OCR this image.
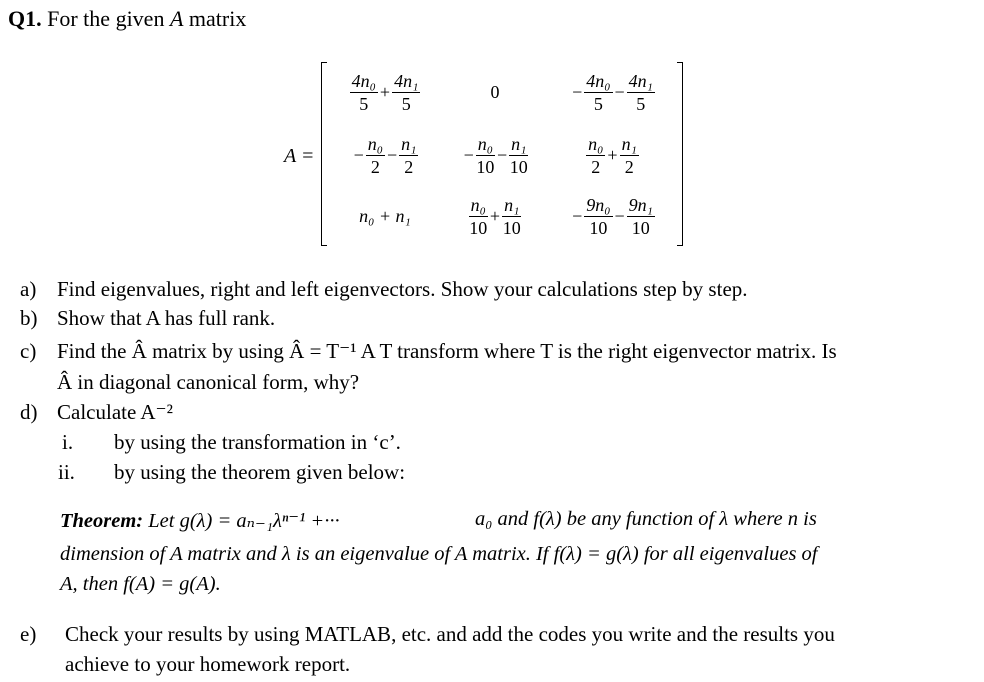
Q1. For the given A matrix
A =
$\frac{\text{4n₀}}{5} + \frac{\text{4n₁}}{5}$	0	− $\frac{\text{4n₀}}{5} - \frac{\text{4n₁}}{5}$
− $\frac{\text{n₀}}{2} - \frac{\text{n₁}}{2}$	− $\frac{\text{n₀}}{10} - \frac{\text{n₁}}{10}$	$\frac{\text{n₀}}{2} + \frac{\text{n₁}}{2}$
n₀ + n₁	$\frac{\text{n₀}}{10} + \frac{\text{n₁}}{10}$	− $\frac{\text{9n₀}}{10} - \frac{\text{9n₁}}{10}$
a) Find eigenvalues, right and left eigenvectors. Show your calculations step by step.
b) Show that A has full rank.
c) Find the Â matrix by using Â = T⁻¹ A T transform where T is the right eigenvector matrix. Is
Â in diagonal canonical form, why?
d) Calculate A⁻²
i. by using the transformation in ‘c’.
ii. by using the theorem given below:
Theorem: Let g(λ) = aₙ₋₁λⁿ⁻¹ +···	a₀ and f(λ) be any function of λ where n is
dimension of A matrix and λ is an eigenvalue of A matrix. If f(λ) = g(λ) for all eigenvalues of
A, then f(A) = g(A).
e) Check your results by using MATLAB, etc. and add the codes you write and the results you
achieve to your homework report.
